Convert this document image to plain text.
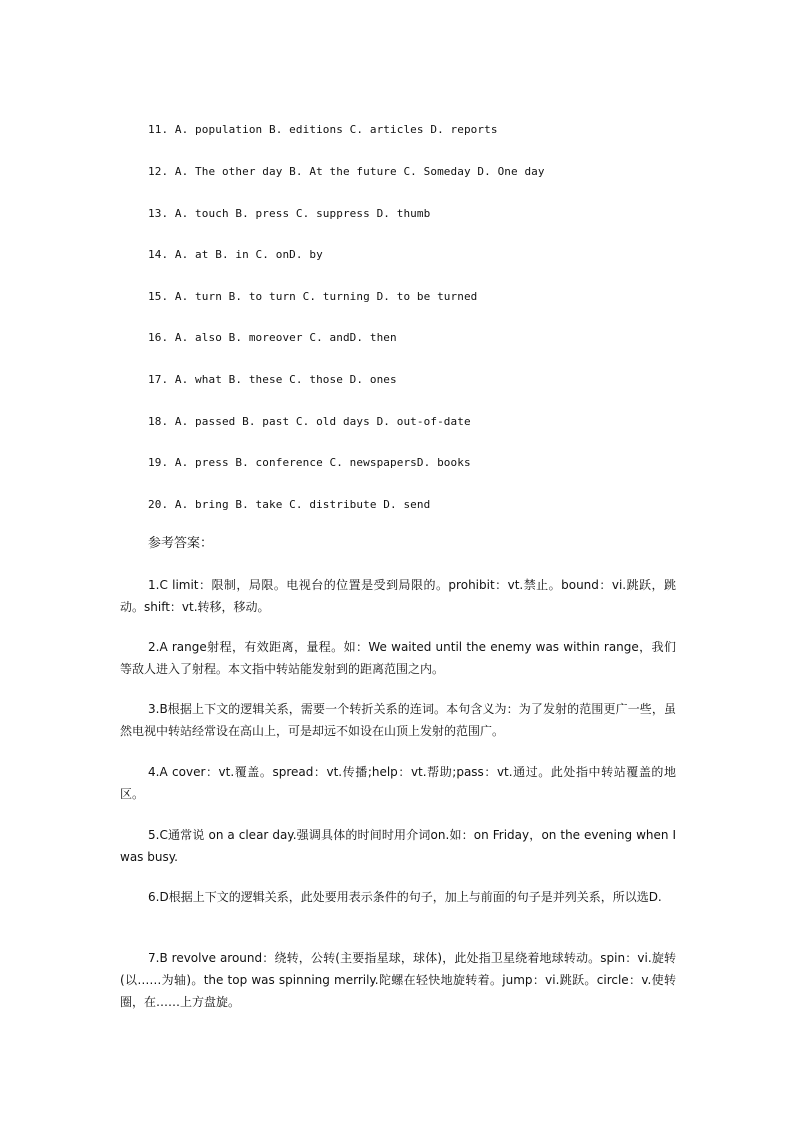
11. A. population B. editions C. articles D. reports
12. A. The other day B. At the future C. Someday D. One day
13. A. touch B. press C. suppress D. thumb
14. A. at B. in C. onD. by
15. A. turn B. to turn C. turning D. to be turned
16. A. also B. moreover C. andD. then
17. A. what B. these C. those D. ones
18. A. passed B. past C. old days D. out-of-date
19. A. press B. conference C. newspapersD. books
20. A. bring B. take C. distribute D. send
参考答案：
1.C limit：限制，局限。电视台的位置是受到局限的。prohibit：vt.禁止。bound：vi.跳跃，跳动。shift：vt.转移，移动。
2.A range射程，有效距离，量程。如：We waited until the enemy was within range，我们等敌人进入了射程。本文指中转站能发射到的距离范围之内。
3.B根据上下文的逻辑关系，需要一个转折关系的连词。本句含义为：为了发射的范围更广一些，虽然电视中转站经常设在高山上，可是却远不如设在山顶上发射的范围广。
4.A cover：vt.覆盖。spread：vt.传播;help：vt.帮助;pass：vt.通过。此处指中转站覆盖的地区。
5.C通常说 on a clear day.强调具体的时间时用介词on.如：on Friday，on the evening when I was busy.
6.D根据上下文的逻辑关系，此处要用表示条件的句子，加上与前面的句子是并列关系，所以选D.
7.B revolve around：绕转，公转(主要指星球，球体)，此处指卫星绕着地球转动。spin：vi.旋转(以……为轴)。the top was spinning merrily.陀螺在轻快地旋转着。jump：vi.跳跃。circle：v.使转圈，在……上方盘旋。
